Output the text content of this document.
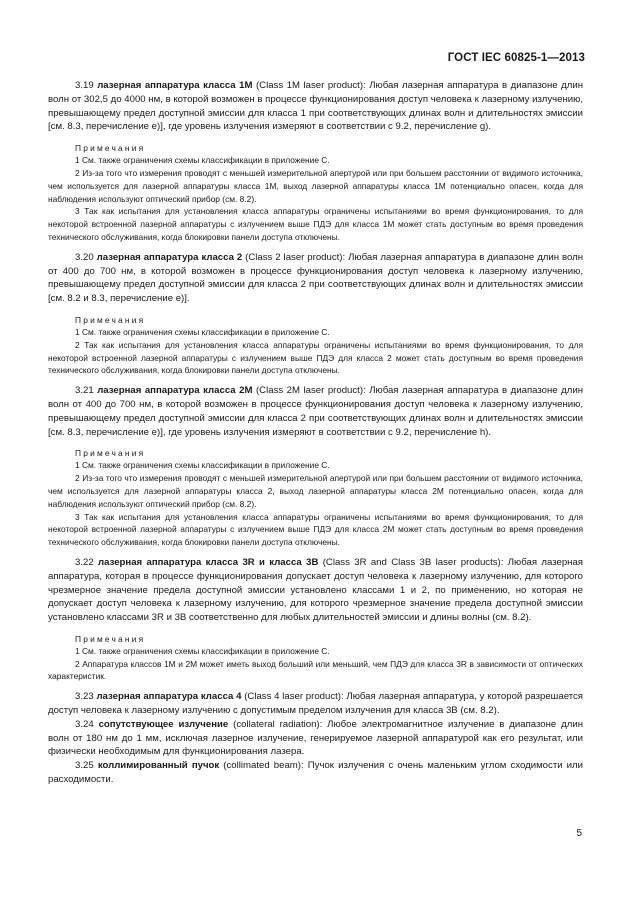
ГОСТ IEC 60825-1—2013

3.19 лазерная аппаратура класса 1М (Class 1M laser product): Любая лазерная аппаратура в диапазоне длин волн от 302,5 до 4000 нм, в которой возможен в процессе функционирования доступ человека к лазерному излучению, превышающему предел доступной эмиссии для класса 1 при соответствующих длинах волн и длительностях эмиссии [см. 8.3, перечисление е)], где уровень излучения измеряют в соответствии с 9.2, перечисление g).

Примечания

1 См. также ограничения схемы классификации в приложение С.

2 Из-за того что измерения проводят с меньшей измерительной апертурой или при большем расстоянии от видимого источника, чем используется для лазерной аппаратуры класса 1М, выход лазерной аппаратуры класса 1М потенциально опасен, когда для наблюдения используют оптический прибор (см. 8.2).

3 Так как испытания для установления класса аппаратуры ограничены испытаниями во время функционирования, то для некоторой встроенной лазерной аппаратуры с излучением выше ПДЭ для класса 1М может стать доступным во время проведения технического обслуживания, когда блокировки панели доступа отключены.

3.20 лазерная аппаратура класса 2 (Class 2 laser product): Любая лазерная аппаратура в диапазоне длин волн от 400 до 700 нм, в которой возможен в процессе функционирования доступ человека к лазерному излучению, превышающему предел доступной эмиссии для класса 2 при соответствующих длинах волн и длительностях эмиссии [см. 8.2 и 8.3, перечисление е)].

Примечания

1 См. также ограничения схемы классификации в приложение С.

2 Так как испытания для установления класса аппаратуры ограничены испытаниями во время функционирования, то для некоторой встроенной лазерной аппаратуры с излучением выше ПДЭ для класса 2 может стать доступным во время проведения технического обслуживания, когда блокировки панели доступа отключены.

3.21 лазерная аппаратура класса 2М (Class 2M laser product): Любая лазерная аппаратура в диапазоне длин волн от 400 до 700 нм, в которой возможен в процессе функционирования доступ человека к лазерному излучению, превышающему предел доступной эмиссии для класса 2 при соответствующих длинах волн и длительностях эмиссии [см. 8.3, перечисление е)], где уровень излучения измеряют в соответствии с 9.2, перечисление h).

Примечания

1 См. также ограничения схемы классификации в приложение С.

2 Из-за того что измерения проводят с меньшей измерительной апертурой или при большем расстоянии от видимого источника, чем используется для лазерной аппаратуры класса 2, выход лазерной аппаратуры класса 2М потенциально опасен, когда для наблюдения используют оптический прибор (см. 8.2).

3 Так как испытания для установления класса аппаратуры ограничены испытаниями во время функционирования, то для некоторой встроенной лазерной аппаратуры с излучением выше ПДЭ для класса 2М может стать доступным во время проведения технического обслуживания, когда блокировки панели доступа отключены.

3.22 лазерная аппаратура класса 3R и класса 3B (Class 3R and Class 3B laser products): Любая лазерная аппаратура, которая в процессе функционирования допускает доступ человека к лазерному излучению, для которого чрезмерное значение предела доступной эмиссии установлено классами 1 и 2, по применению, но которая не допускает доступ человека к лазерному излучению, для которого чрезмерное значение предела доступной эмиссии установлено классами 3R и 3B соответственно для любых длительностей эмиссии и длины волны (см. 8.2).

Примечания

1 См. также ограничения схемы классификации в приложение С.

2 Аппаратура классов 1М и 2М может иметь выход больший или меньший, чем ПДЭ для класса 3R в зависимости от оптических характеристик.

3.23 лазерная аппаратура класса 4 (Class 4 laser product): Любая лазерная аппаратура, у которой разрешается доступ человека к лазерному излучению с допустимым пределом излучения для класса 3В (см. 8.2).

3.24 сопутствующее излучение (collateral radiation): Любое электромагнитное излучение в диапазоне длин волн от 180 нм до 1 мм, исключая лазерное излучение, генерируемое лазерной аппаратурой как его результат, или физически необходимым для функционирования лазера.

3.25 коллимированный пучок (collimated beam): Пучок излучения с очень маленьким углом сходимости или расходимости.

5
